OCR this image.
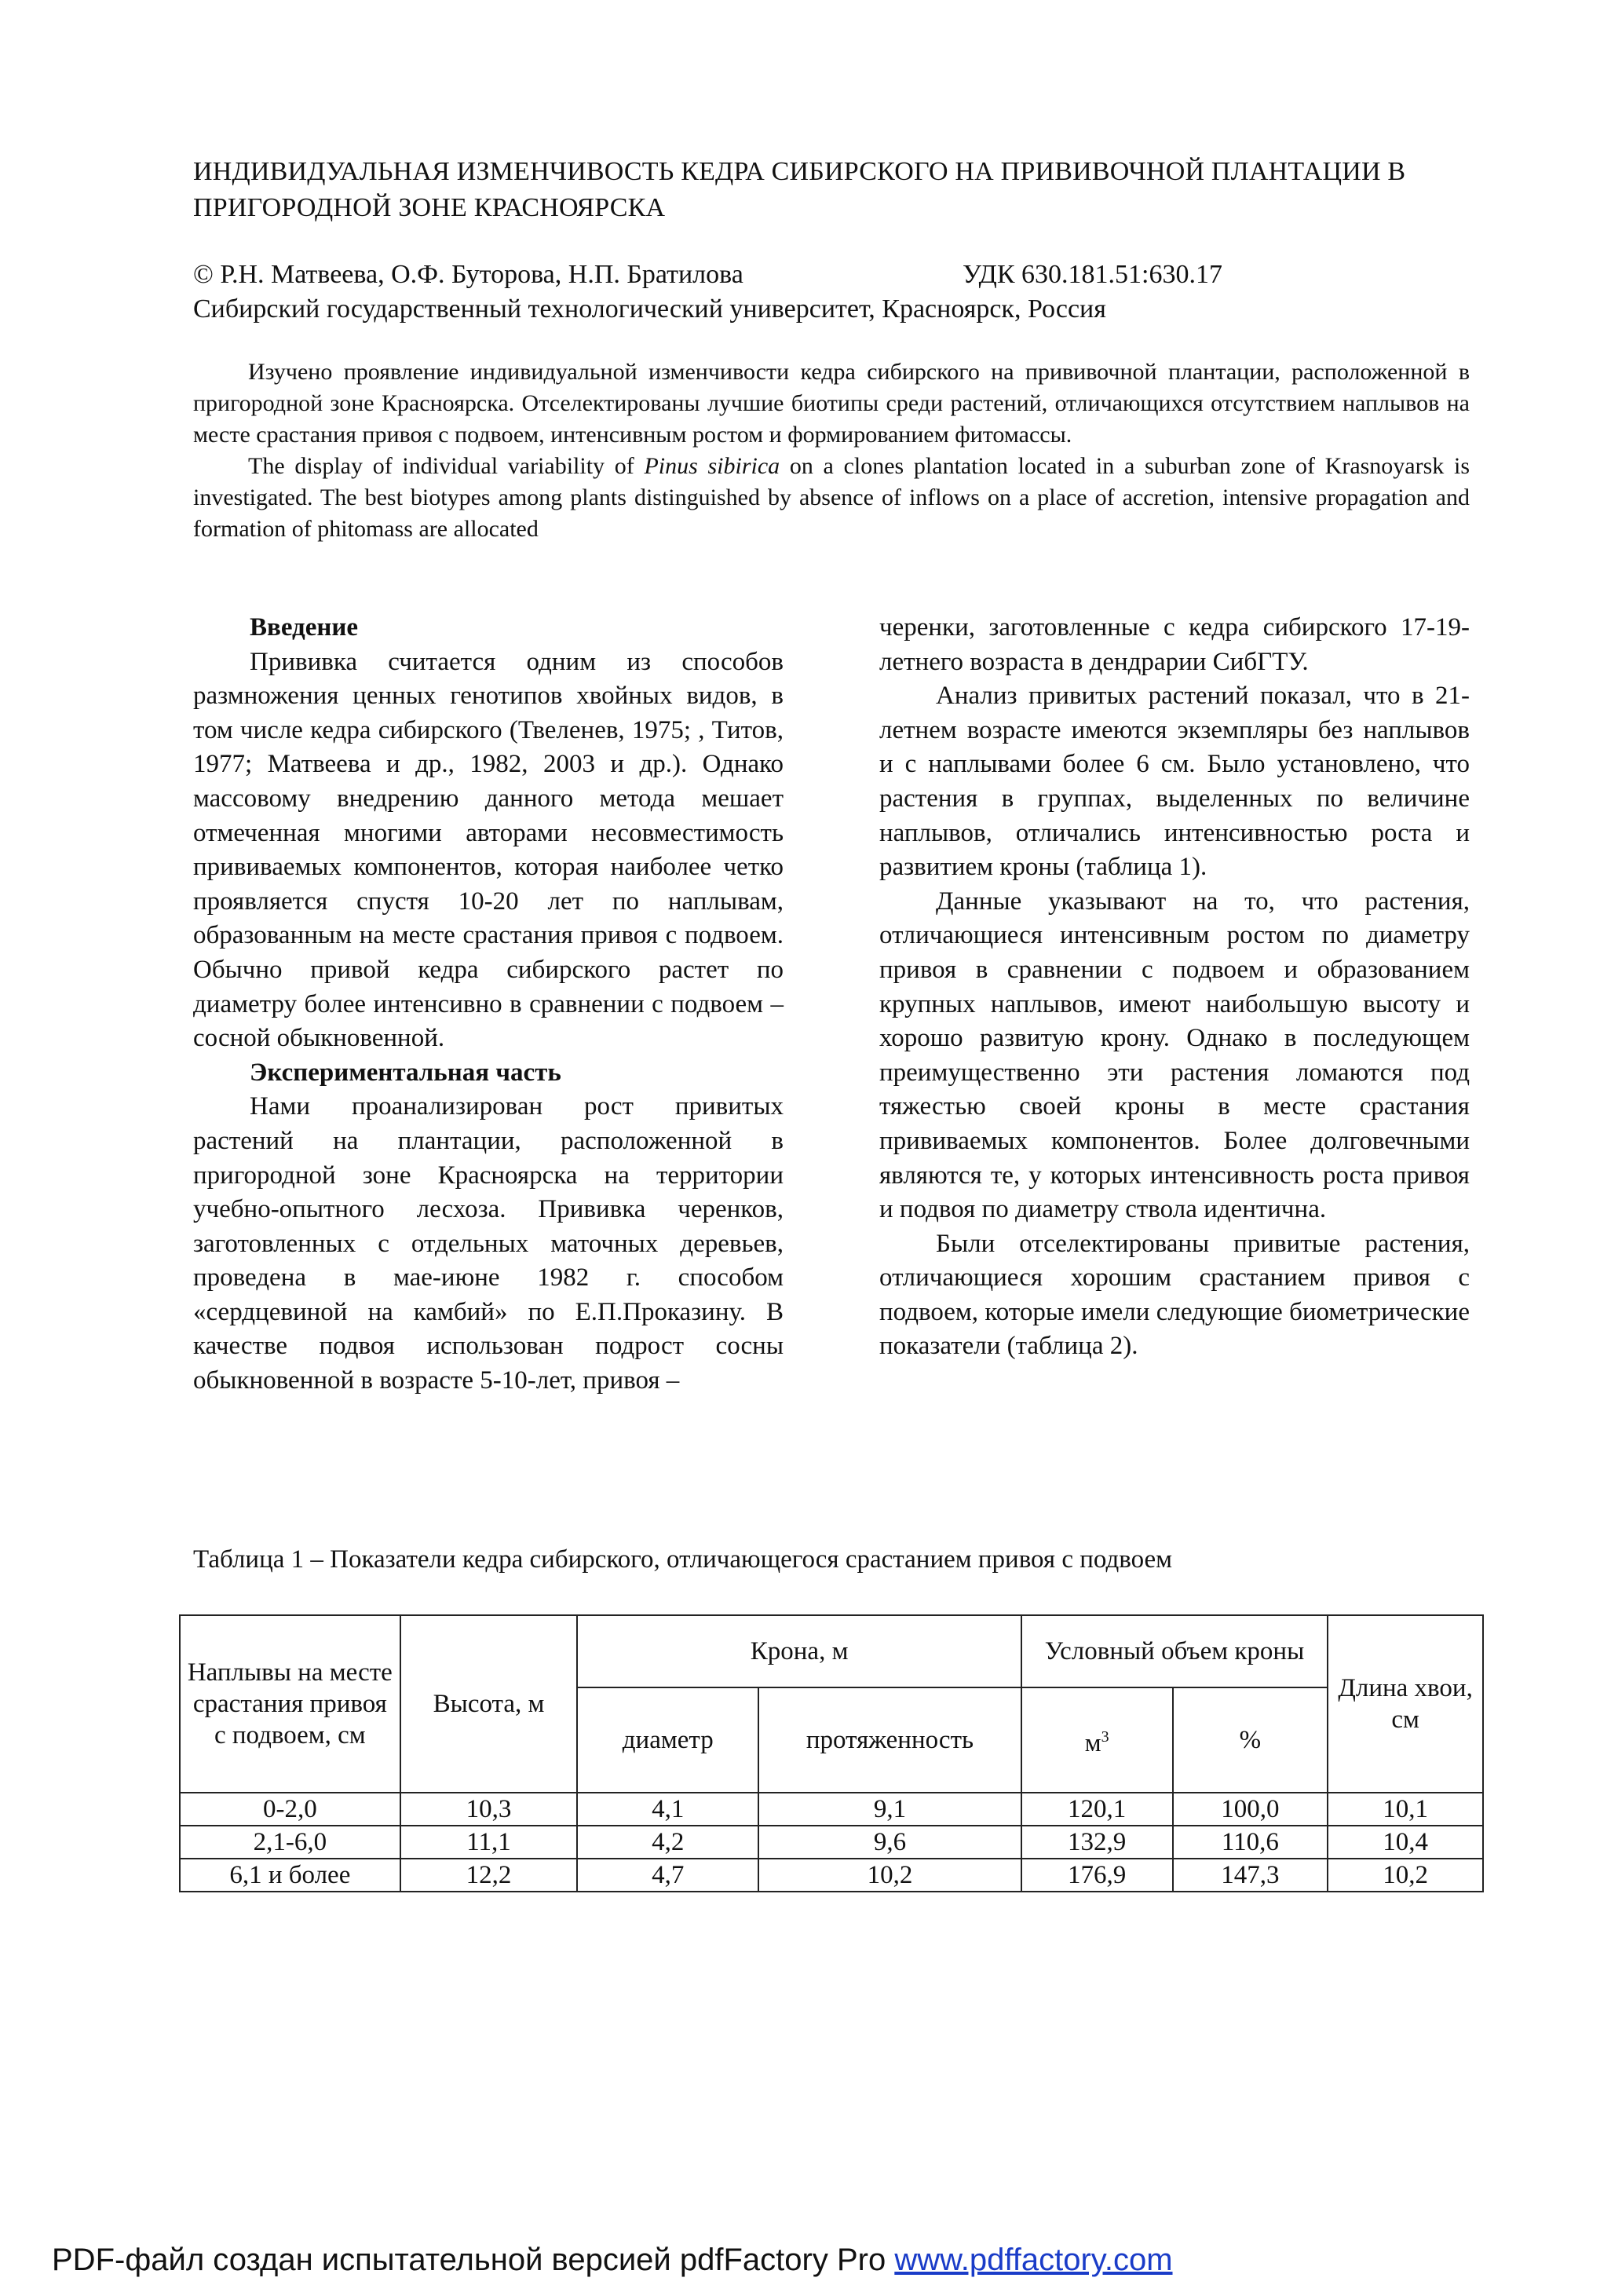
ИНДИВИДУАЛЬНАЯ ИЗМЕНЧИВОСТЬ КЕДРА СИБИРСКОГО НА ПРИВИВОЧНОЙ ПЛАНТАЦИИ В ПРИГОРОДНОЙ ЗОНЕ КРАСНОЯРСКА
© Р.Н. Матвеева, О.Ф. Буторова, Н.П. Братилова	УДК 630.181.51:630.17
Сибирский государственный технологический университет, Красноярск, Россия

Изучено проявление индивидуальной изменчивости кедра сибирского на прививочной плантации, расположенной в пригородной зоне Красноярска. Отселектированы лучшие биотипы среди растений, отличающихся отсутствием наплывов на месте срастания привоя с подвоем, интенсивным ростом и формированием фитомассы.

The display of individual variability of Pinus sibirica on a clones plantation located in a suburban zone of Krasnoyarsk is investigated. The best biotypes among plants distinguished by absence of inflows on a place of accretion, intensive propagation and formation of phitomass are allocated

Введение

Прививка считается одним из способов размножения ценных генотипов хвойных видов, в том числе кедра сибирского (Твеленев, 1975; , Титов, 1977; Матвеева и др., 1982, 2003 и др.). Однако массовому внедрению данного метода мешает отмеченная многими авторами несовместимость прививаемых компонентов, которая наиболее четко проявляется спустя 10-20 лет по наплывам, образованным на месте срастания привоя с подвоем. Обычно привой кедра сибирского растет по диаметру более интенсивно в сравнении с подвоем – сосной обыкновенной.

Экспериментальная часть

Нами проанализирован рост привитых растений на плантации, расположенной в пригородной зоне Красноярска на территории учебно-опытного лесхоза. Прививка черенков, заготовленных с отдельных маточных деревьев, проведена в мае-июне 1982 г. способом «сердцевиной на камбий» по Е.П.Проказину. В качестве подвоя использован подрост сосны обыкновенной в возрасте 5-10-лет, привоя –

черенки, заготовленные с кедра сибирского 17-19-летнего возраста в дендрарии СибГТУ.

Анализ привитых растений показал, что в 21-летнем возрасте имеются экземпляры без наплывов и с наплывами более 6 см. Было установлено, что растения в группах, выделенных по величине наплывов, отличались интенсивностью роста и развитием кроны (таблица 1).

Данные указывают на то, что растения, отличающиеся интенсивным ростом по диаметру привоя в сравнении с подвоем и образованием крупных наплывов, имеют наибольшую высоту и хорошо развитую крону. Однако в последующем преимущественно эти растения ломаются под тяжестью своей кроны в месте срастания прививаемых компонентов. Более долговечными являются те, у которых интенсивность роста привоя и подвоя по диаметру ствола идентична.

Были отселектированы привитые растения, отличающиеся хорошим срастанием привоя с подвоем, которые имели следующие биометрические показатели (таблица 2).

Таблица 1 – Показатели кедра сибирского, отличающегося срастанием привоя с подвоем
Наплывы на месте срастания привоя с подвоем, см	Высота, м	Крона, м		Условный объем кроны		Длина хвои, см
		диаметр	протяженность	$м^3$	%	
0-2,0	10,3	4,1	9,1	120,1	100,0	10,1
2,1-6,0	11,1	4,2	9,6	132,9	110,6	10,4
6,1 и более	12,2	4,7	10,2	176,9	147,3	10,2
PDF-файл создан испытательной версией pdfFactory Pro www.pdffactory.com
